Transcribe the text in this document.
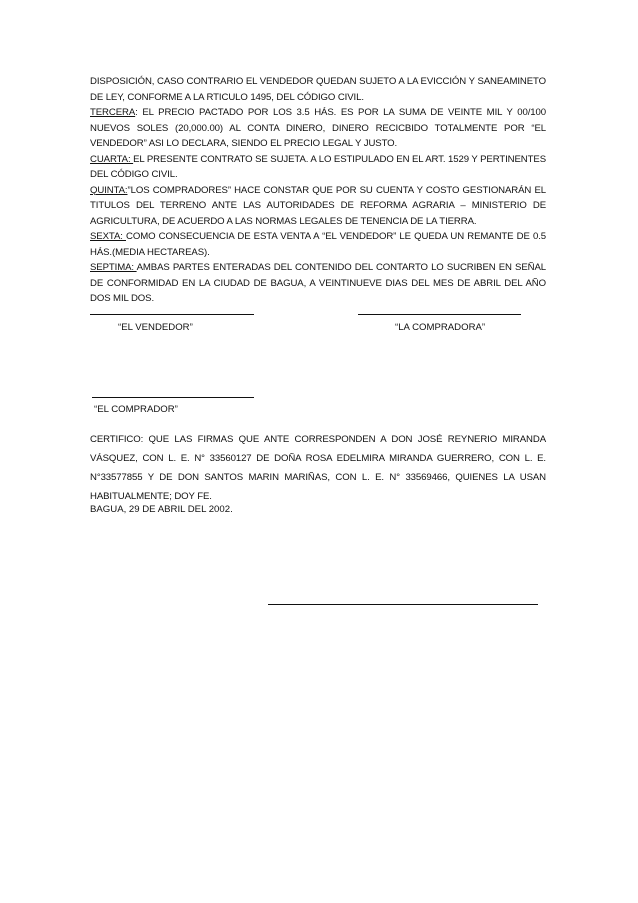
DISPOSICIÓN, CASO CONTRARIO EL VENDEDOR QUEDAN SUJETO A LA EVICCIÓN Y SANEAMINETO DE LEY, CONFORME A LA RTICULO 1495, DEL CÓDIGO CIVIL.

TERCERA: EL PRECIO PACTADO POR LOS 3.5 HÁS. ES POR LA SUMA DE VEINTE MIL Y 00/100 NUEVOS SOLES (20,000.00) AL CONTA DINERO, DINERO RECICBIDO TOTALMENTE POR “EL VENDEDOR” ASI LO DECLARA, SIENDO EL PRECIO LEGAL Y JUSTO.

CUARTA: EL PRESENTE CONTRATO SE SUJETA. A LO ESTIPULADO EN EL ART. 1529 Y PERTINENTES DEL CÓDIGO CIVIL.

QUINTA:”LOS COMPRADORES” HACE CONSTAR QUE POR SU CUENTA Y COSTO GESTIONARÁN EL TITULOS DEL TERRENO ANTE LAS AUTORIDADES DE REFORMA AGRARIA – MINISTERIO DE AGRICULTURA, DE ACUERDO A LAS NORMAS LEGALES DE TENENCIA DE LA TIERRA.

SEXTA: COMO CONSECUENCIA DE ESTA VENTA A “EL VENDEDOR” LE QUEDA UN REMANTE DE 0.5 HÁS.(MEDIA HECTAREAS).

SEPTIMA: AMBAS PARTES ENTERADAS DEL CONTENIDO DEL CONTARTO LO SUCRIBEN EN SEÑAL DE CONFORMIDAD EN LA CIUDAD DE BAGUA, A VEINTINUEVE DIAS DEL MES DE ABRIL DEL AÑO DOS MIL DOS.

“EL VENDEDOR”	“LA COMPRADORA”
“EL COMPRADOR”
CERTIFICO: QUE LAS FIRMAS QUE ANTE CORRESPONDEN A DON JOSÉ REYNERIO MIRANDA VÁSQUEZ, CON L. E. N° 33560127 DE DOÑA ROSA EDELMIRA MIRANDA GUERRERO, CON L. E. N°33577855 Y DE DON SANTOS MARIN MARIÑAS, CON L. E. N° 33569466, QUIENES LA USAN HABITUALMENTE; DOY FE.
BAGUA, 29 DE ABRIL DEL 2002.
